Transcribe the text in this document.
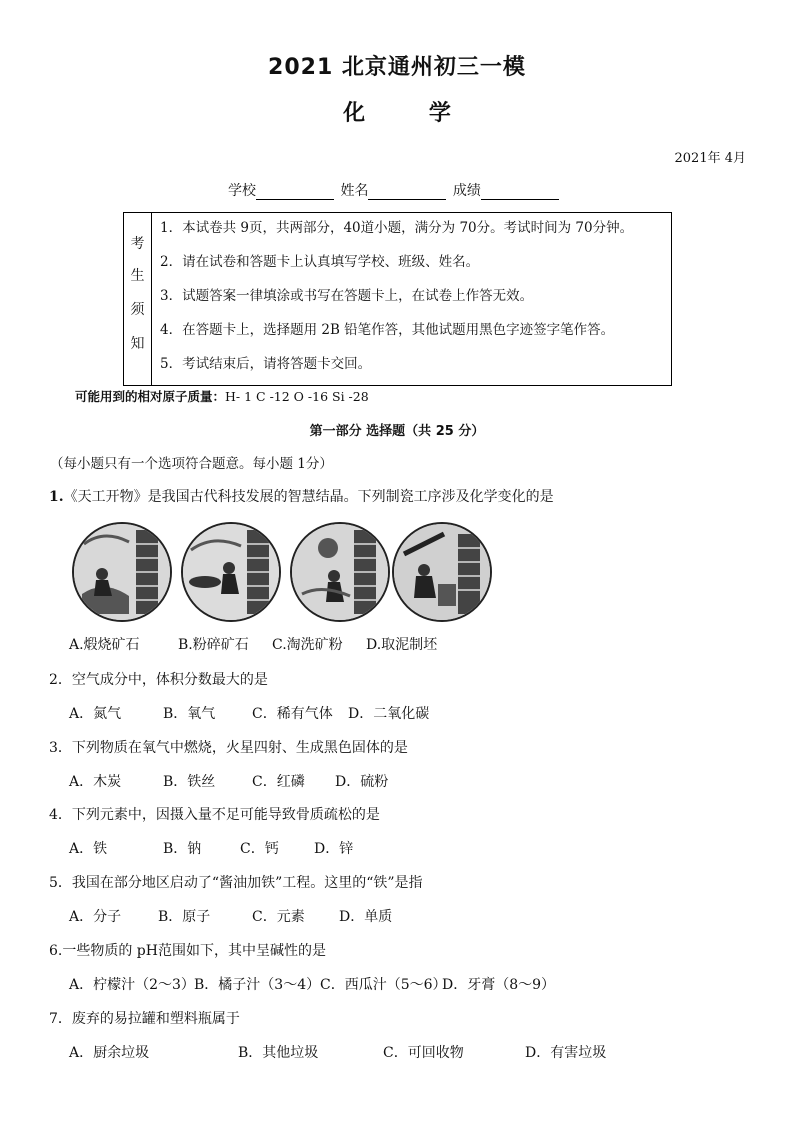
2021 北京通州初三一模
化	学
2021年 4月
学校	姓名	成绩
考
生
须
知
1．本试卷共 9页，共两部分，40道小题，满分为 70分。考试时间为 70分钟。
2．请在试卷和答题卡上认真填写学校、班级、姓名。
3．试题答案一律填涂或书写在答题卡上，在试卷上作答无效。
4．在答题卡上，选择题用 2B 铅笔作答，其他试题用黑色字迹签字笔作答。
5．考试结束后，请将答题卡交回。
可能用到的相对原子质量：H- 1 C -12 O -16 Si -28
第一部分 选择题（共 25 分）
（每小题只有一个选项符合题意。每小题 1分）
1.《天工开物》是我国古代科技发展的智慧结晶。下列制瓷工序涉及化学变化的是
A.煅烧矿石	B.粉碎矿石 C.淘洗矿粉 D.取泥制坯
2．空气成分中，体积分数最大的是
A．氮气	B．氧气	C．稀有气体 D．二氧化碳
3．下列物质在氧气中燃烧，火星四射、生成黑色固体的是
A．木炭	B．铁丝	C．红磷 D．硫粉
4．下列元素中，因摄入量不足可能导致骨质疏松的是
A．铁	B．钠	C．钙	D．锌
5．我国在部分地区启动了“酱油加铁”工程。这里的“铁”是指
A．分子	B．原子	C．元素 D．单质
6.一些物质的 pH范围如下，其中呈碱性的是
A．柠檬汁（2～3） B．橘子汁（3～4） C．西瓜汁（5～6）
D．牙膏（8～9）
7．废弃的易拉罐和塑料瓶属于
A．厨余垃圾	B．其他垃圾	C．可回收物	D．有害垃圾
